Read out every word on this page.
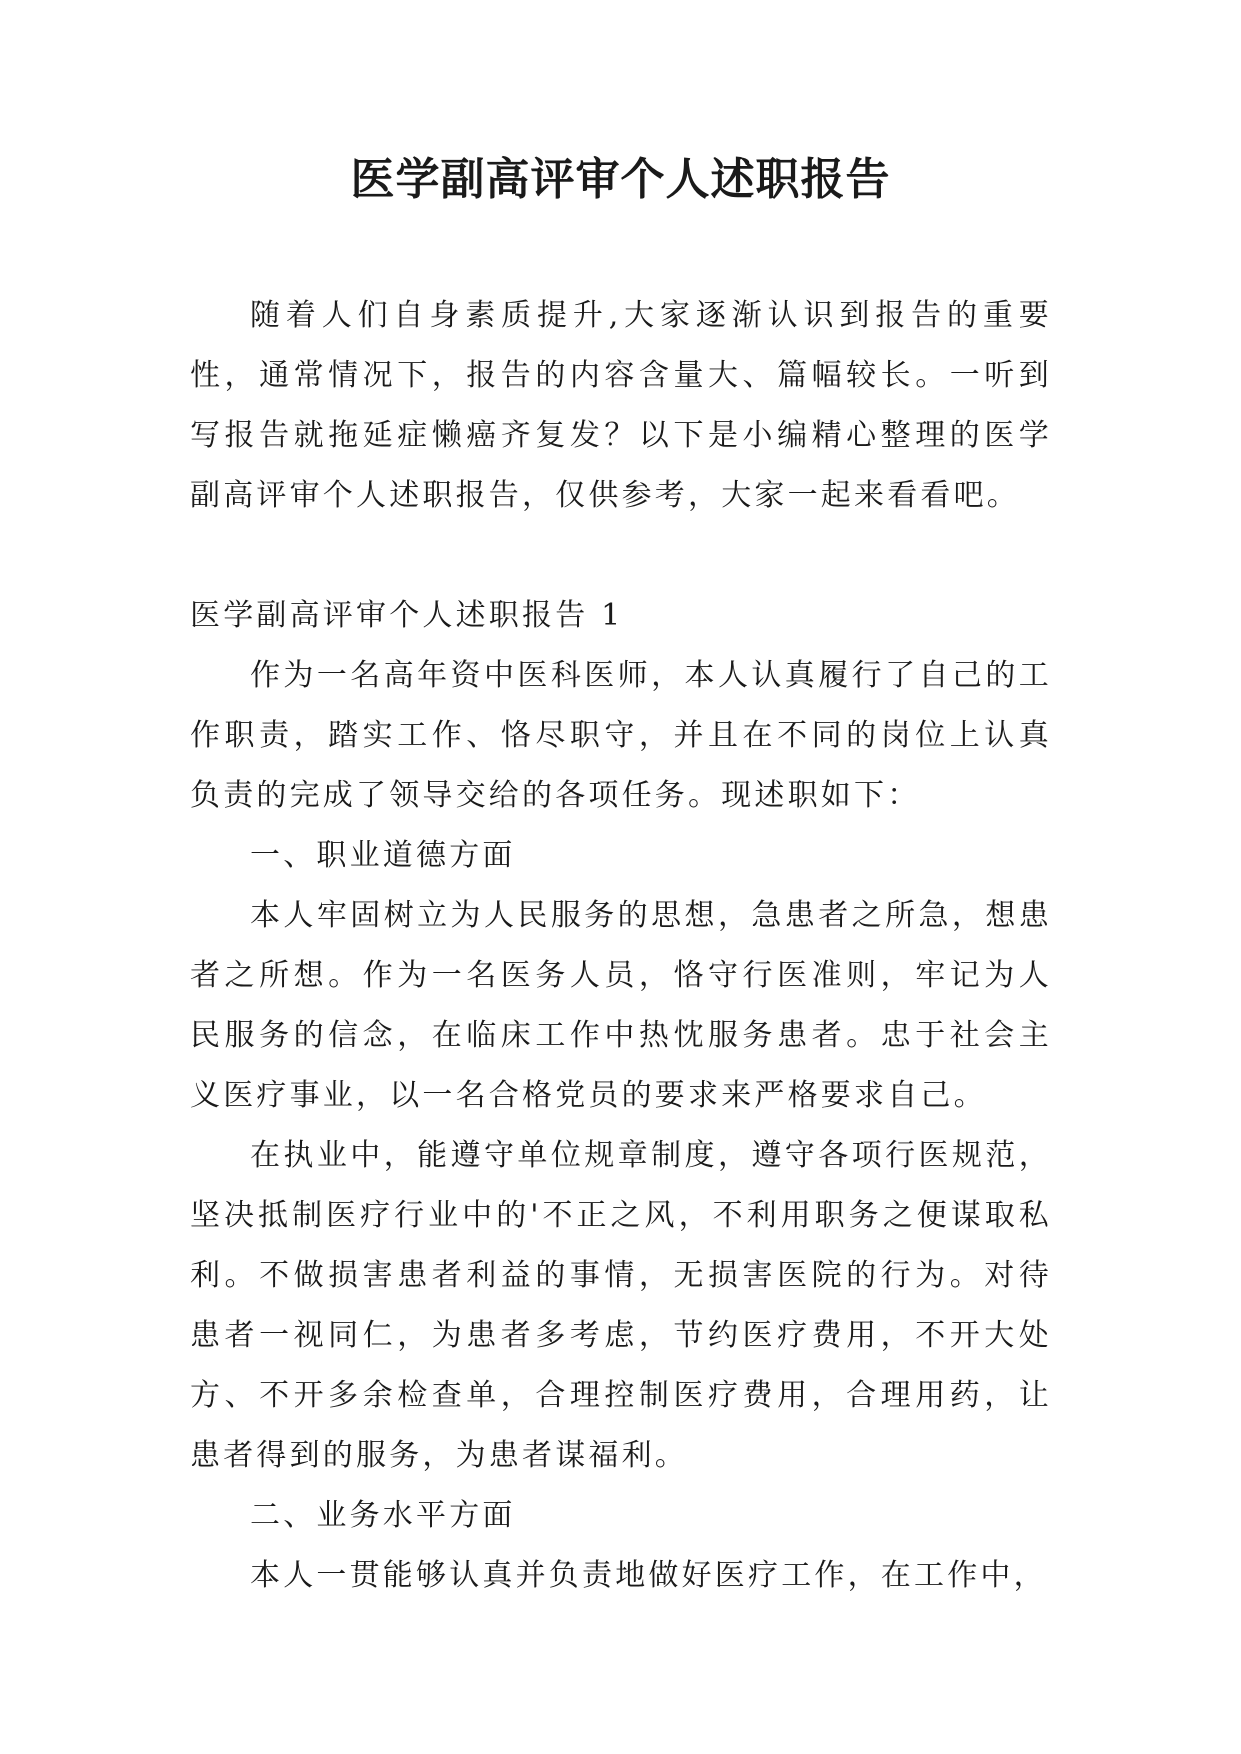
医学副高评审个人述职报告

随着人们自身素质提升,大家逐渐认识到报告的重要性，通常情况下，报告的内容含量大、篇幅较长。一听到写报告就拖延症懒癌齐复发？以下是小编精心整理的医学副高评审个人述职报告，仅供参考，大家一起来看看吧。

医学副高评审个人述职报告 1

作为一名高年资中医科医师，本人认真履行了自己的工作职责，踏实工作、恪尽职守，并且在不同的岗位上认真负责的完成了领导交给的各项任务。现述职如下：

一、职业道德方面

本人牢固树立为人民服务的思想，急患者之所急，想患者之所想。作为一名医务人员，恪守行医准则，牢记为人民服务的信念，在临床工作中热忱服务患者。忠于社会主义医疗事业，以一名合格党员的要求来严格要求自己。

在执业中，能遵守单位规章制度，遵守各项行医规范，坚决抵制医疗行业中的'不正之风，不利用职务之便谋取私利。不做损害患者利益的事情，无损害医院的行为。对待患者一视同仁，为患者多考虑，节约医疗费用，不开大处方、不开多余检查单，合理控制医疗费用，合理用药，让患者得到的服务，为患者谋福利。

二、业务水平方面

本人一贯能够认真并负责地做好医疗工作，在工作中，
